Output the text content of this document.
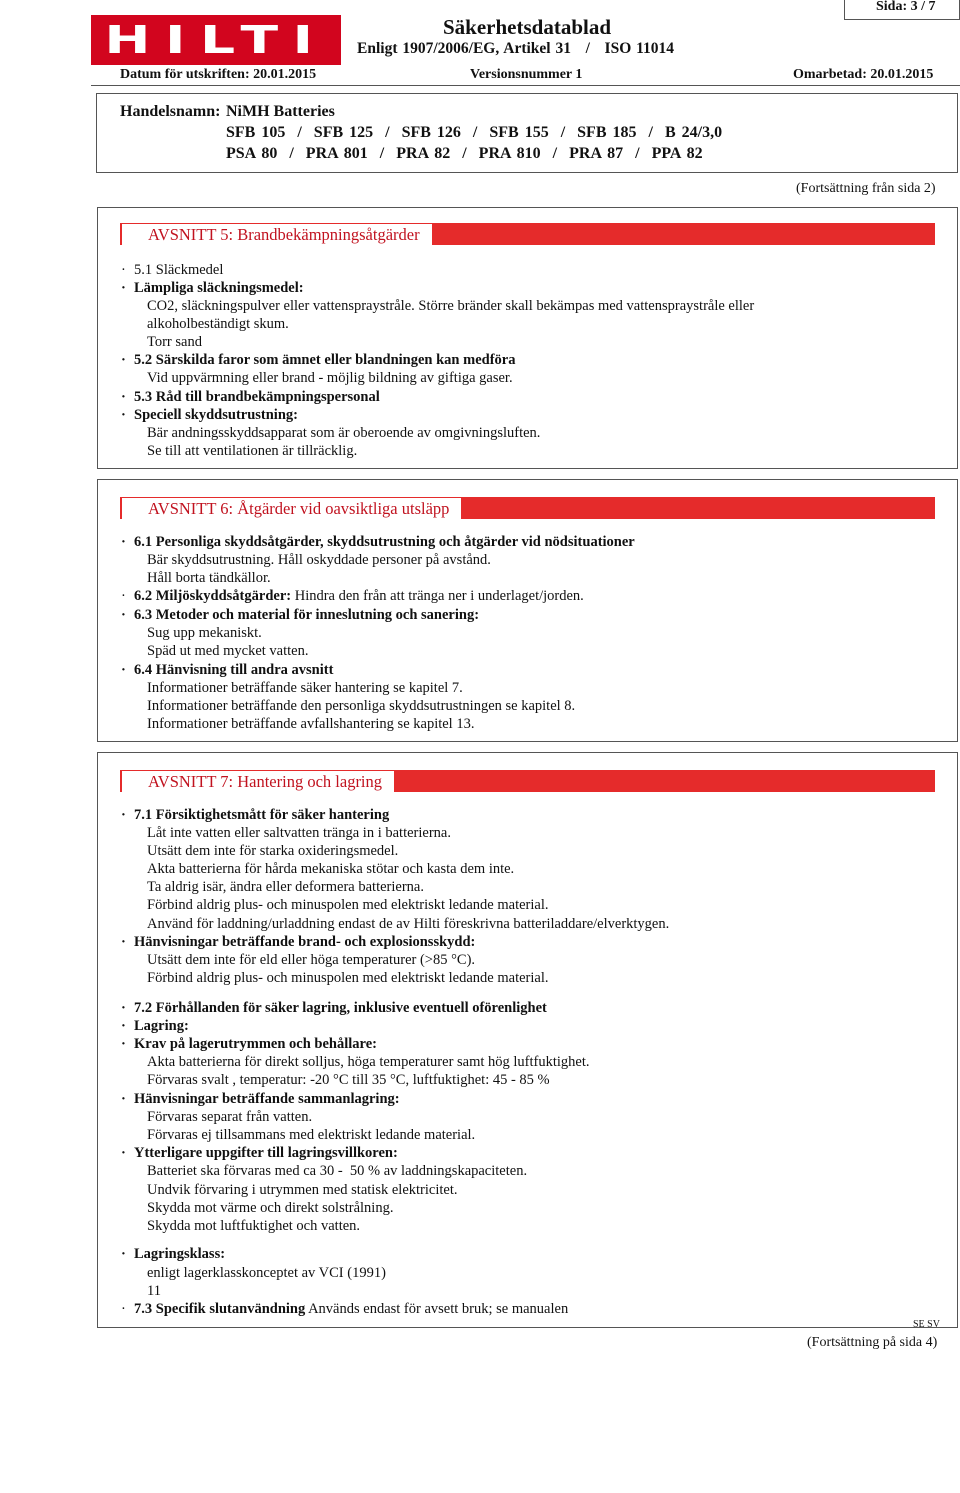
HILTI
Sida: 3 / 7
Säkerhetsdatablad
Enligt 1907/2006/EG, Artikel 31   /   ISO 11014
Datum för utskriften: 20.01.2015	Versionsnummer 1	Omarbetad: 20.01.2015
Handelsnamn: NiMH Batteries
SFB 105  /  SFB 125  /  SFB 126  /  SFB 155  /  SFB 185  /  B 24/3,0
PSA 80  /  PRA 801  /  PRA 82  /  PRA 810  /  PRA 87  /  PPA 82
(Fortsättning från sida 2)
AVSNITT 5: Brandbekämpningsåtgärder
· 5.1 Släckmedel
· Lämpliga släckningsmedel:
CO2, släckningspulver eller vattenspraystråle. Större bränder skall bekämpas med vattenspraystråle eller
alkoholbeständigt skum.
Torr sand
· 5.2 Särskilda faror som ämnet eller blandningen kan medföra
Vid uppvärmning eller brand - möjlig bildning av giftiga gaser.
· 5.3 Råd till brandbekämpningspersonal
· Speciell skyddsutrustning:
Bär andningsskyddsapparat som är oberoende av omgivningsluften.
Se till att ventilationen är tillräcklig.
AVSNITT 6: Åtgärder vid oavsiktliga utsläpp
· 6.1 Personliga skyddsåtgärder, skyddsutrustning och åtgärder vid nödsituationer
Bär skyddsutrustning. Håll oskyddade personer på avstånd.
Håll borta tändkällor.
· 6.2 Miljöskyddsåtgärder: Hindra den från att tränga ner i underlaget/jorden.
· 6.3 Metoder och material för inneslutning och sanering:
Sug upp mekaniskt.
Späd ut med mycket vatten.
· 6.4 Hänvisning till andra avsnitt
Informationer beträffande säker hantering se kapitel 7.
Informationer beträffande den personliga skyddsutrustningen se kapitel 8.
Informationer beträffande avfallshantering se kapitel 13.
AVSNITT 7: Hantering och lagring
· 7.1 Försiktighetsmått för säker hantering
Låt inte vatten eller saltvatten tränga in i batterierna.
Utsätt dem inte för starka oxideringsmedel.
Akta batterierna för hårda mekaniska stötar och kasta dem inte.
Ta aldrig isär, ändra eller deformera batterierna.
Förbind aldrig plus- och minuspolen med elektriskt ledande material.
Använd för laddning/urladdning endast de av Hilti föreskrivna batteriladdare/elverktygen.
· Hänvisningar beträffande brand- och explosionsskydd:
Utsätt dem inte för eld eller höga temperaturer (>85 °C).
Förbind aldrig plus- och minuspolen med elektriskt ledande material.
· 7.2 Förhållanden för säker lagring, inklusive eventuell oförenlighet
· Lagring:
· Krav på lagerutrymmen och behållare:
Akta batterierna för direkt solljus, höga temperaturer samt hög luftfuktighet.
Förvaras svalt , temperatur: -20 °C till 35 °C, luftfuktighet: 45 - 85 %
· Hänvisningar beträffande sammanlagring:
Förvaras separat från vatten.
Förvaras ej tillsammans med elektriskt ledande material.
· Ytterligare uppgifter till lagringsvillkoren:
Batteriet ska förvaras med ca 30 -  50 % av laddningskapaciteten.
Undvik förvaring i utrymmen med statisk elektricitet.
Skydda mot värme och direkt solstrålning.
Skydda mot luftfuktighet och vatten.
· Lagringsklass:
enligt lagerklasskonceptet av VCI (1991)
11
· 7.3 Specifik slutanvändning Används endast för avsett bruk; se manualen
SE SV
(Fortsättning på sida 4)
